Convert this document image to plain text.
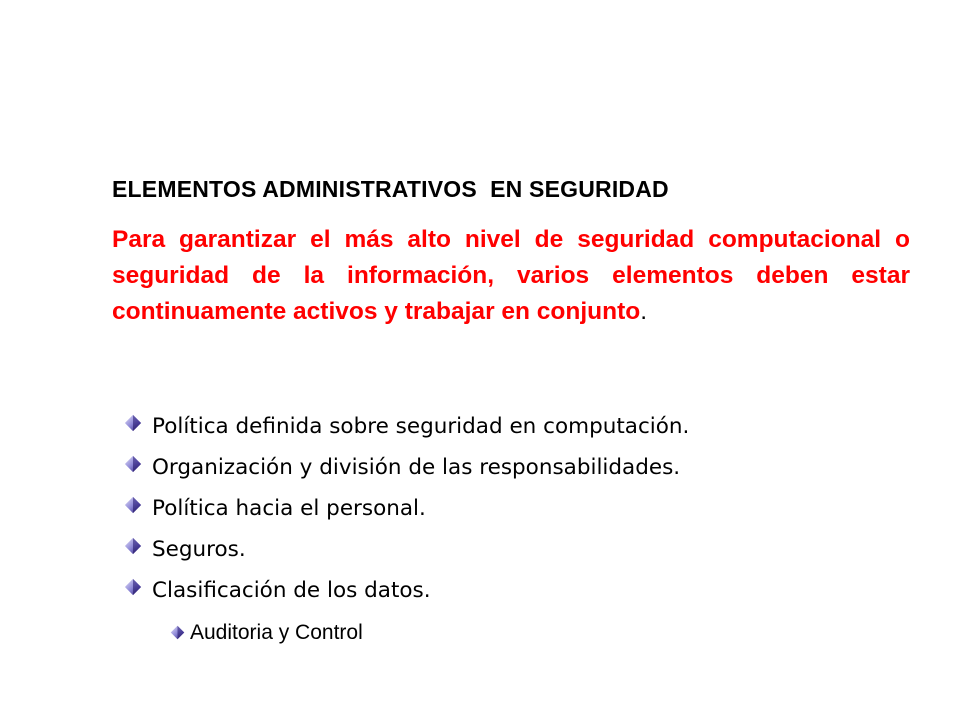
ELEMENTOS ADMINISTRATIVOS  EN SEGURIDAD
Para garantizar el más alto nivel de seguridad computacional o seguridad de la información, varios elementos deben estar continuamente activos y trabajar en conjunto.
Política definida sobre seguridad en computación.
Organización y división de las responsabilidades.
Política hacia el personal.
Seguros.
Clasificación de los datos.
Auditoria y Control
